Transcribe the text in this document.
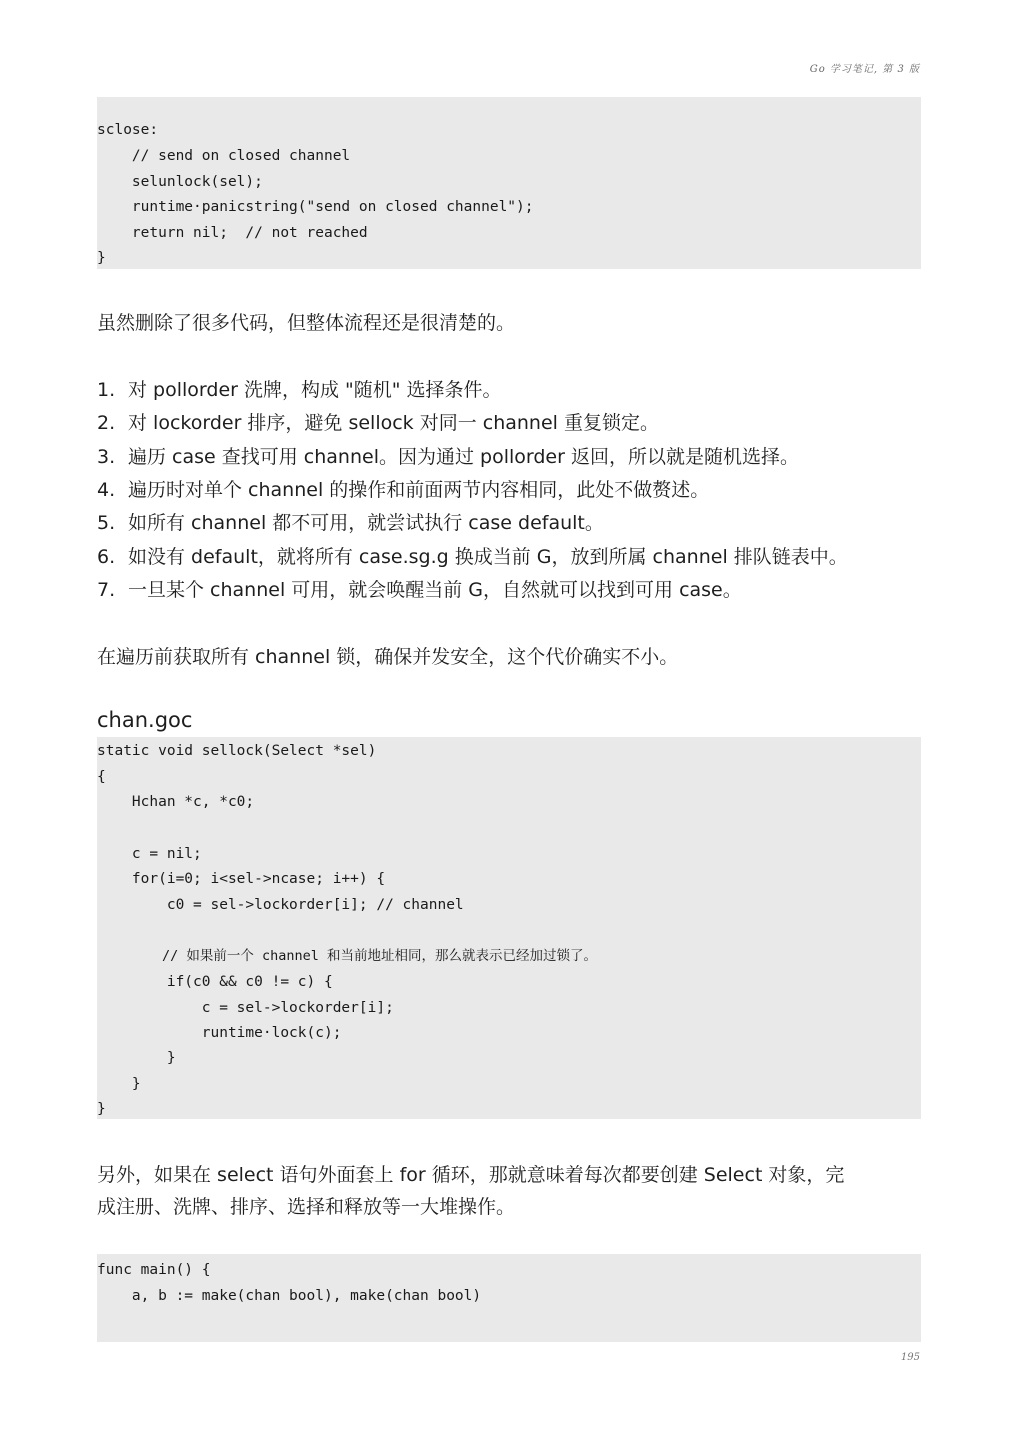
Go 学习笔记, 第 3 版
sclose:
// send on closed channel
selunlock(sel);
runtime·panicstring("send on closed channel");
return nil;  // not reached
}
虽然删除了很多代码，但整体流程还是很清楚的。
1. 对 pollorder 洗牌，构成 "随机" 选择条件。
2. 对 lockorder 排序，避免 sellock 对同一 channel 重复锁定。
3. 遍历 case 查找可用 channel。因为通过 pollorder 返回，所以就是随机选择。
4. 遍历时对单个 channel 的操作和前面两节内容相同，此处不做赘述。
5. 如所有 channel 都不可用，就尝试执行 case default。
6. 如没有 default，就将所有 case.sg.g 换成当前 G，放到所属 channel 排队链表中。
7. 一旦某个 channel 可用，就会唤醒当前 G，自然就可以找到可用 case。
在遍历前获取所有 channel 锁，确保并发安全，这个代价确实不小。
chan.goc
static void sellock(Select *sel)
{
Hchan *c, *c0;
c = nil;
for(i=0; i<sel->ncase; i++) {
c0 = sel->lockorder[i]; // channel
// 如果前一个 channel 和当前地址相同，那么就表示已经加过锁了。
if(c0 && c0 != c) {
c = sel->lockorder[i];
runtime·lock(c);
}
}
}
另外，如果在 select 语句外面套上 for 循环，那就意味着每次都要创建 Select 对象，完
成注册、洗牌、排序、选择和释放等一大堆操作。
func main() {
a, b := make(chan bool), make(chan bool)
195
